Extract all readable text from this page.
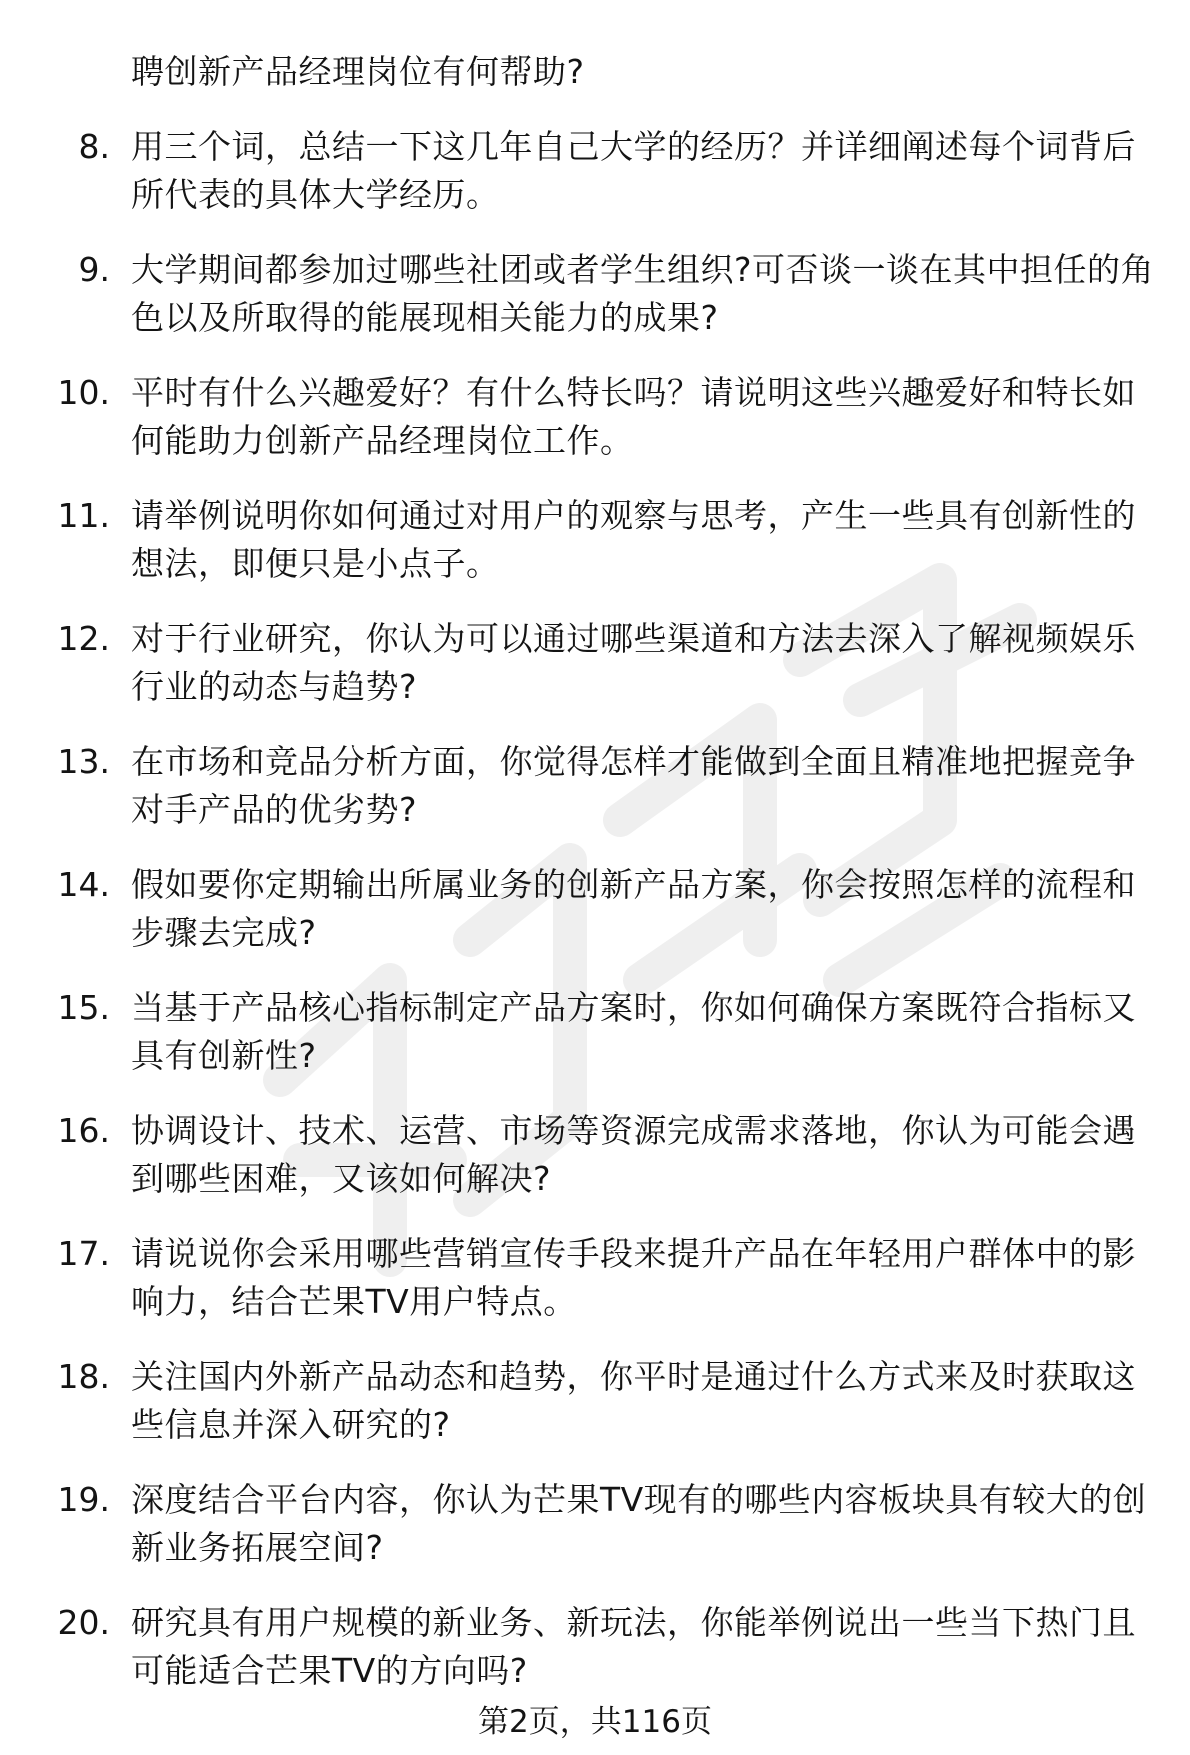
聘创新产品经理岗位有何帮助?
8. 用三个词，总结一下这几年自己大学的经历？并详细阐述每个词背后所代表的具体大学经历。
9. 大学期间都参加过哪些社团或者学生组织?可否谈一谈在其中担任的角色以及所取得的能展现相关能力的成果?
10. 平时有什么兴趣爱好？有什么特长吗？请说明这些兴趣爱好和特长如何能助力创新产品经理岗位工作。
11. 请举例说明你如何通过对用户的观察与思考，产生一些具有创新性的想法，即便只是小点子。
12. 对于行业研究，你认为可以通过哪些渠道和方法去深入了解视频娱乐行业的动态与趋势?
13. 在市场和竞品分析方面，你觉得怎样才能做到全面且精准地把握竞争对手产品的优劣势?
14. 假如要你定期输出所属业务的创新产品方案，你会按照怎样的流程和步骤去完成?
15. 当基于产品核心指标制定产品方案时，你如何确保方案既符合指标又具有创新性?
16. 协调设计、技术、运营、市场等资源完成需求落地，你认为可能会遇到哪些困难，又该如何解决?
17. 请说说你会采用哪些营销宣传手段来提升产品在年轻用户群体中的影响力，结合芒果TV用户特点。
18. 关注国内外新产品动态和趋势，你平时是通过什么方式来及时获取这些信息并深入研究的?
19. 深度结合平台内容，你认为芒果TV现有的哪些内容板块具有较大的创新业务拓展空间?
20. 研究具有用户规模的新业务、新玩法，你能举例说出一些当下热门且可能适合芒果TV的方向吗?
第2页，共116页
